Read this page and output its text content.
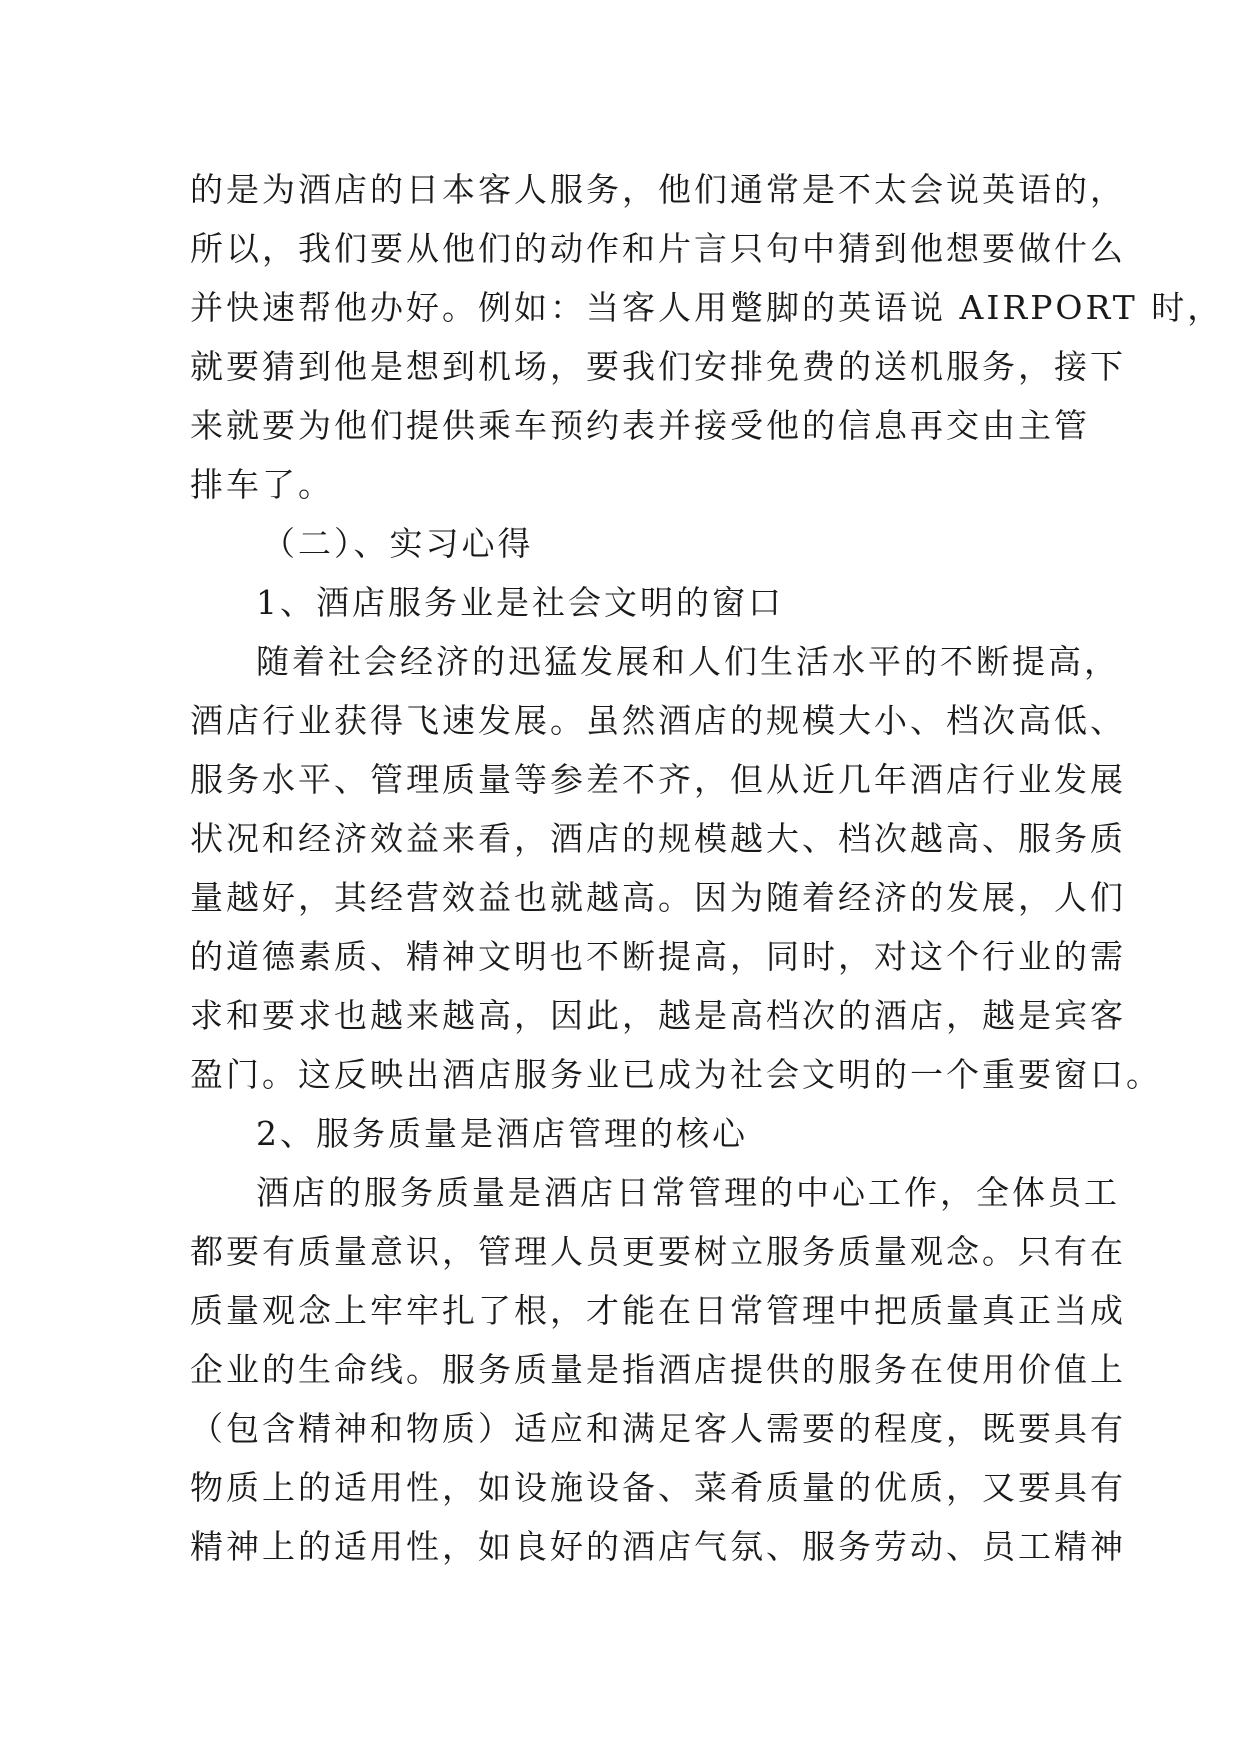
的是为酒店的日本客人服务，他们通常是不太会说英语的，
所以，我们要从他们的动作和片言只句中猜到他想要做什么
并快速帮他办好。例如：当客人用蹩脚的英语说 AIRPORT 时，
就要猜到他是想到机场，要我们安排免费的送机服务，接下
来就要为他们提供乘车预约表并接受他的信息再交由主管
排车了。
（二）、实习心得
1、酒店服务业是社会文明的窗口
随着社会经济的迅猛发展和人们生活水平的不断提高，
酒店行业获得飞速发展。虽然酒店的规模大小、档次高低、
服务水平、管理质量等参差不齐，但从近几年酒店行业发展
状况和经济效益来看，酒店的规模越大、档次越高、服务质
量越好，其经营效益也就越高。因为随着经济的发展，人们
的道德素质、精神文明也不断提高，同时，对这个行业的需
求和要求也越来越高，因此，越是高档次的酒店，越是宾客
盈门。这反映出酒店服务业已成为社会文明的一个重要窗口。
2、服务质量是酒店管理的核心
酒店的服务质量是酒店日常管理的中心工作，全体员工
都要有质量意识，管理人员更要树立服务质量观念。只有在
质量观念上牢牢扎了根，才能在日常管理中把质量真正当成
企业的生命线。服务质量是指酒店提供的服务在使用价值上
（包含精神和物质）适应和满足客人需要的程度，既要具有
物质上的适用性，如设施设备、菜肴质量的优质，又要具有
精神上的适用性，如良好的酒店气氛、服务劳动、员工精神
